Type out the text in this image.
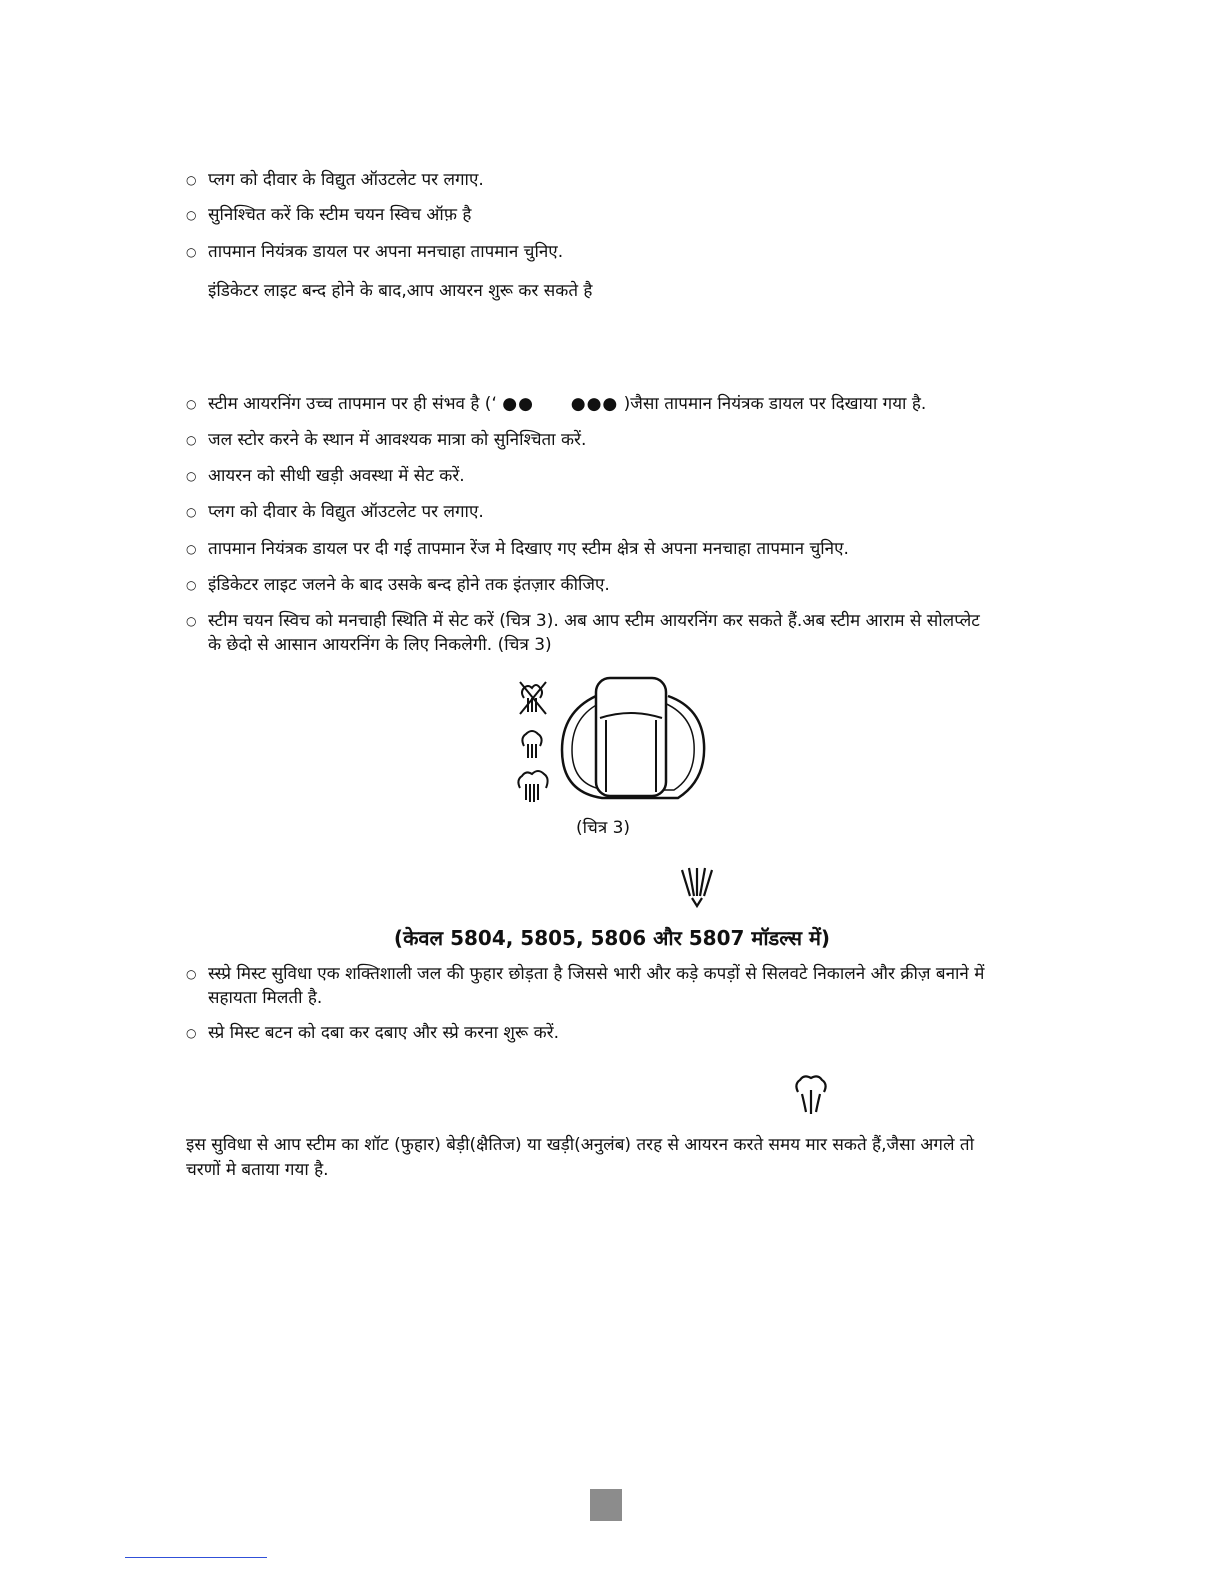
○ प्लग को दीवार के विद्युत ऑउटलेट पर लगाए.
○ सुनिश्चित करें कि स्टीम चयन स्विच ऑफ़ है
○ तापमान नियंत्रक डायल पर अपना मनचाहा तापमान चुनिए.
इंडिकेटर लाइट बन्द होने के बाद,आप आयरन शुरू कर सकते है
○ स्टीम आयरनिंग उच्च तापमान पर ही संभव है (‘ ●● ●●● )जैसा तापमान नियंत्रक डायल पर दिखाया गया है.
○ जल स्टोर करने के स्थान में आवश्यक मात्रा को सुनिश्चिता करें.
○ आयरन को सीधी खड़ी अवस्था में सेट करें.
○ प्लग को दीवार के विद्युत ऑउटलेट पर लगाए.
○ तापमान नियंत्रक डायल पर दी गई तापमान रेंज मे दिखाए गए स्टीम क्षेत्र से अपना मनचाहा तापमान चुनिए.
○ इंडिकेटर लाइट जलने के बाद उसके बन्द होने तक इंतज़ार कीजिए.
○ स्टीम चयन स्विच को मनचाही स्थिति में सेट करें (चित्र 3). अब आप स्टीम आयरनिंग कर सकते हैं.अब स्टीम आराम से सोलप्लेट
के छेदो से आसान आयरनिंग के लिए निकलेगी. (चित्र 3)
(चित्र 3)
(केवल 5804, 5805, 5806 और 5807 मॉडल्स में)
○ स्स्प्रे मिस्ट सुविधा एक शक्तिशाली जल की फुहार छोड़ता है जिससे भारी और कड़े कपड़ों से सिलवटे निकालने और क्रीज़ बनाने में
सहायता मिलती है.
○ स्प्रे मिस्ट बटन को दबा कर दबाए और स्प्रे करना शुरू करें.
इस सुविधा से आप स्टीम का शॉट (फुहार) बेड़ी(क्षैतिज) या खड़ी(अनुलंब) तरह से आयरन करते समय मार सकते हैं,जैसा अगले तो
चरणों मे बताया गया है.
